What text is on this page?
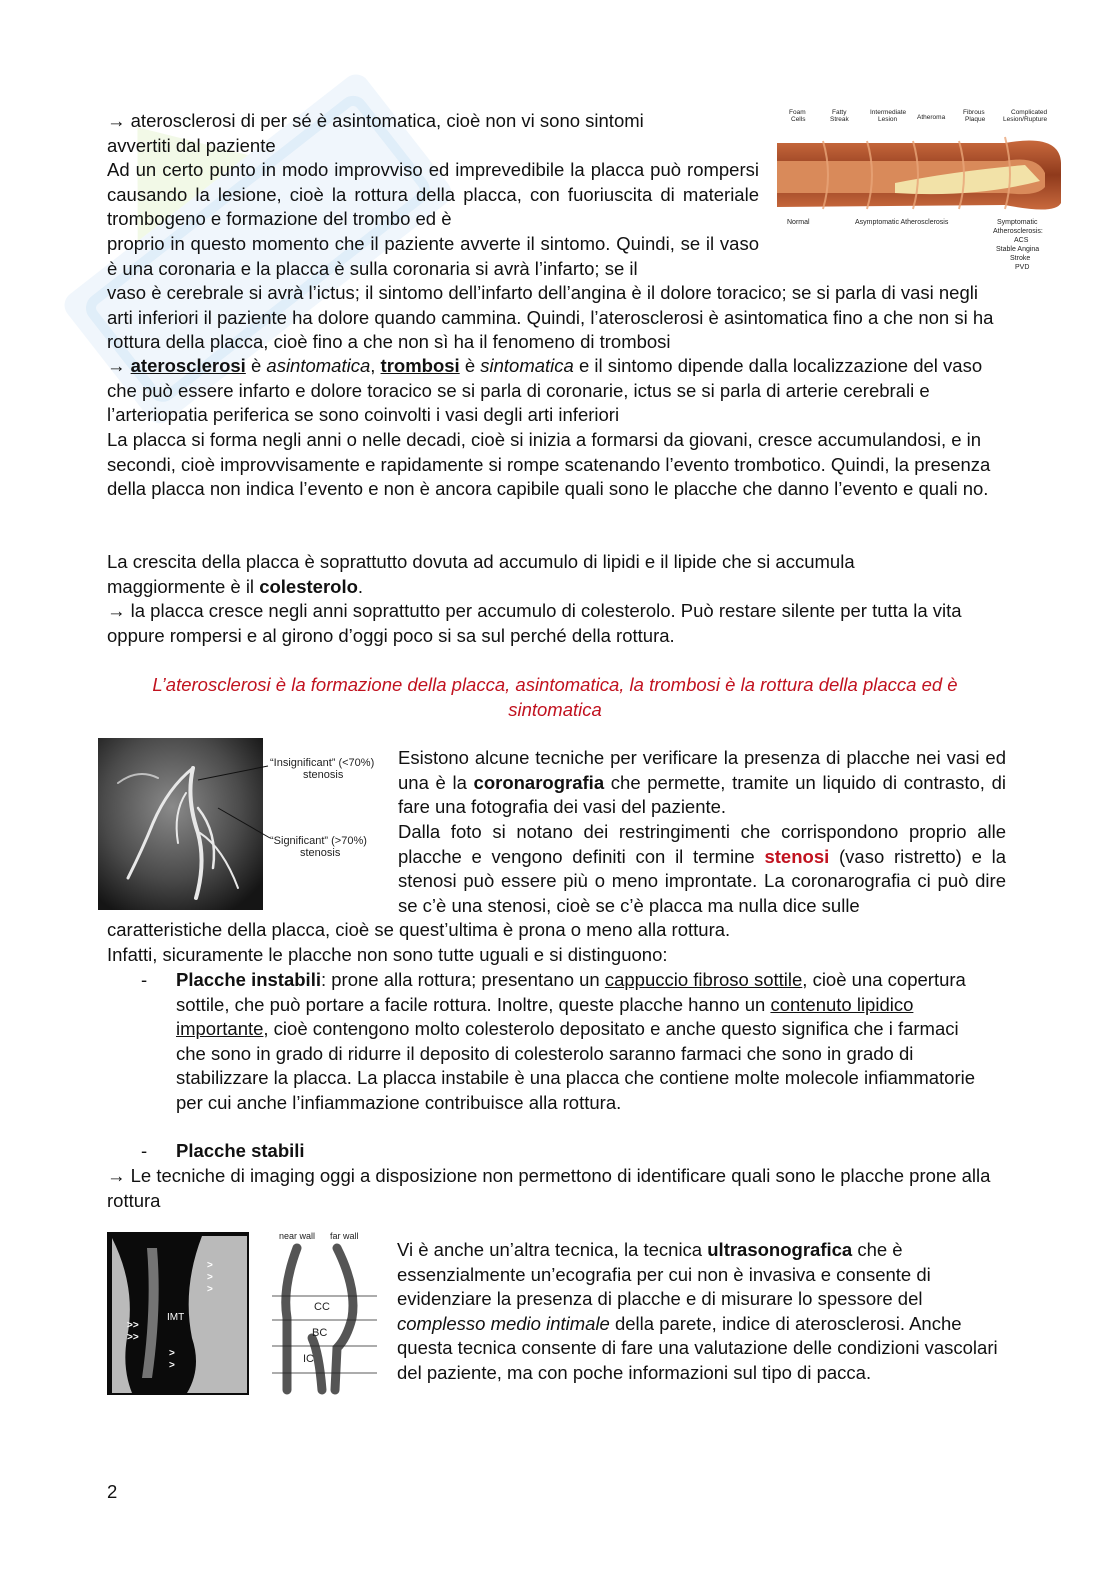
Foam
Cells
Fatty
Streak
Intermediate
Lesion	Atheroma
Fibrous
Plaque
Complicated
Lesion/Rupture
Normal	Asymptomatic Atherosclerosis	Symptomatic
Atherosclerosis:
ACS
Stable Angina
Stroke
PVD

→ aterosclerosi di per sé è asintomatica, cioè non vi sono sintomi
avvertiti dal paziente

Ad un certo punto in modo improvviso ed imprevedibile la placca può rompersi causando la lesione, cioè la rottura della placca, con fuoriuscita di materiale trombogeno e formazione del trombo ed è

proprio in questo momento che il paziente avverte il sintomo. Quindi, se il vaso è una coronaria e la placca è sulla coronaria si avrà l’infarto; se il

vaso è cerebrale si avrà l’ictus; il sintomo dell’infarto dell’angina è il dolore toracico; se si parla di vasi negli arti inferiori il paziente ha dolore quando cammina. Quindi, l’aterosclerosi è asintomatica fino a che non si ha rottura della placca, cioè fino a che non sì ha il fenomeno di trombosi

→ aterosclerosi è asintomatica, trombosi è sintomatica e il sintomo dipende dalla localizzazione del vaso che può essere infarto e dolore toracico se si parla di coronarie, ictus se si parla di arterie cerebrali e l’arteriopatia periferica se sono coinvolti i vasi degli arti inferiori

La placca si forma negli anni o nelle decadi, cioè si inizia a formarsi da giovani, cresce accumulandosi, e in secondi, cioè improvvisamente e rapidamente si rompe scatenando l’evento trombotico. Quindi, la presenza della placca non indica l’evento e non è ancora capibile quali sono le placche che danno l’evento e quali no.

La crescita della placca è soprattutto dovuta ad accumulo di lipidi e il lipide che si accumula maggiormente è il colesterolo.

→ la placca cresce negli anni soprattutto per accumulo di colesterolo. Può restare silente per tutta la vita oppure rompersi e al girono d’oggi poco si sa sul perché della rottura.

L’aterosclerosi è la formazione della placca, asintomatica, la trombosi è la rottura della placca ed è sintomatica

“Insignificant” (<70%)
stenosis
“Significant” (>70%)
stenosis

Esistono alcune tecniche per verificare la presenza di placche nei vasi ed una è la coronarografia che permette, tramite un liquido di contrasto, di fare una fotografia dei vasi del paziente.

Dalla foto si notano dei restringimenti che corrispondono proprio alle placche e vengono definiti con il termine stenosi (vaso ristretto) e la stenosi può essere più o meno improntate. La coronarografia ci può dire se c’è una stenosi, cioè se c’è placca ma nulla dice sulle

caratteristiche della placca, cioè se quest’ultima è prona o meno alla rottura.

Infatti, sicuramente le placche non sono tutte uguali e si distinguono:

- Placche instabili: prone alla rottura; presentano un cappuccio fibroso sottile, cioè una copertura sottile, che può portare a facile rottura. Inoltre, queste placche hanno un contenuto lipidico importante, cioè contengono molto colesterolo depositato e anche questo significa che i farmaci che sono in grado di ridurre il deposito di colesterolo saranno farmaci che sono in grado di stabilizzare la placca. La placca instabile è una placca che contiene molte molecole infiammatorie per cui anche l’infiammazione contribuisce alla rottura.

- Placche stabili

→ Le tecniche di imaging oggi a disposizione non permettono di identificare quali sono le placche prone alla rottura

>
>
>
>>
>>
>
>
IMT
near wall far wall
CC
BC
IC

Vi è anche un’altra tecnica, la tecnica ultrasonografica che è essenzialmente un’ecografia per cui non è invasiva e consente di evidenziare la presenza di placche e di misurare lo spessore del complesso medio intimale della parete, indice di aterosclerosi. Anche questa tecnica consente di fare una valutazione delle condizioni vascolari del paziente, ma con poche informazioni sul tipo di pacca.

2
